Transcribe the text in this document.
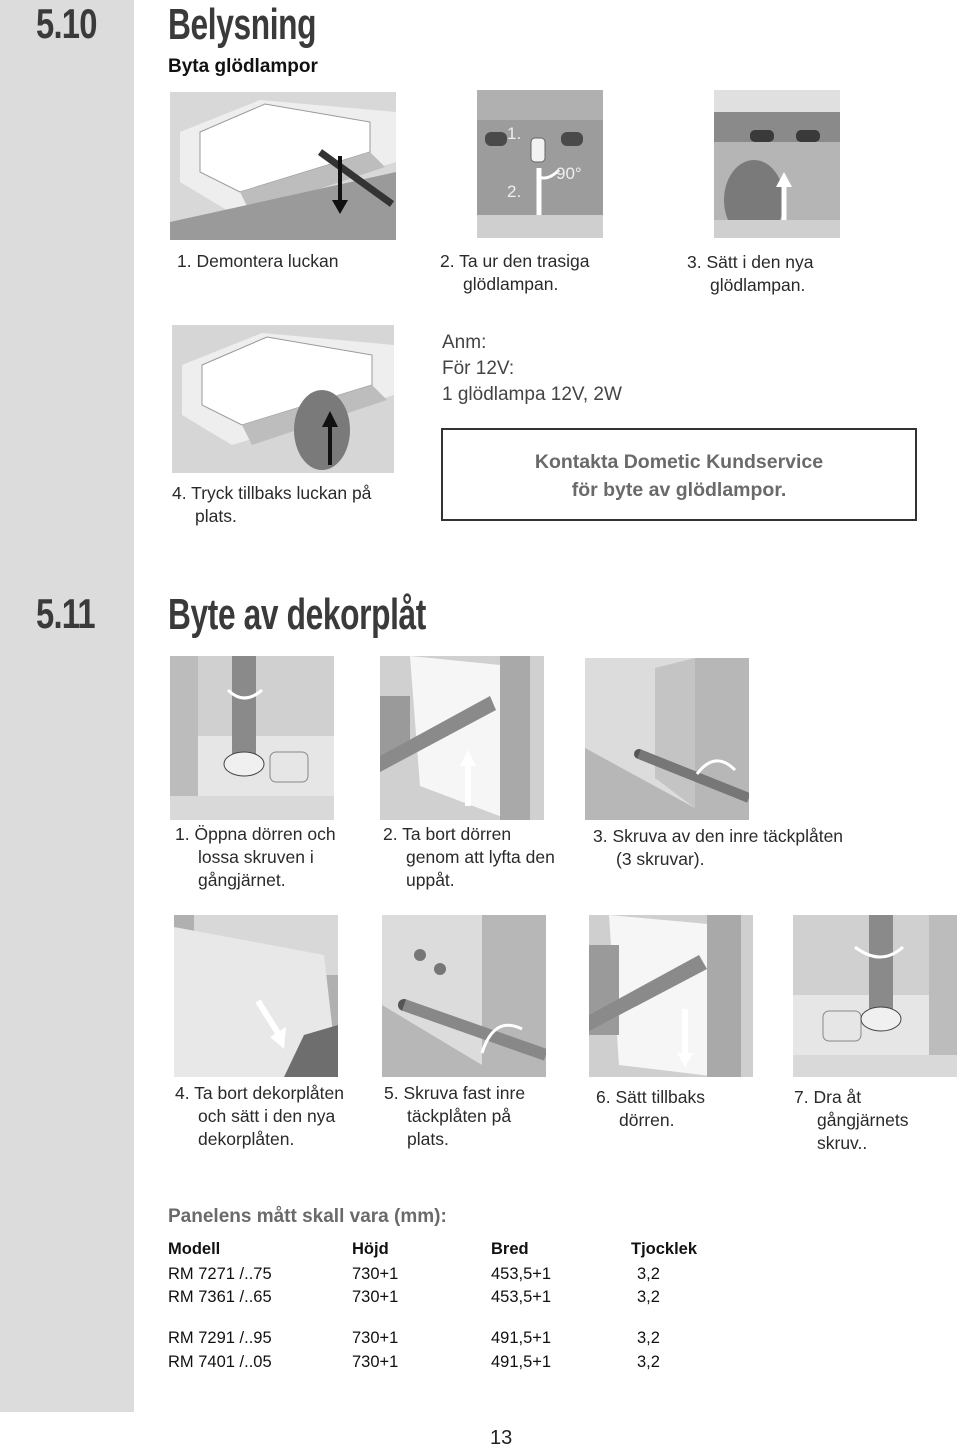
5.10 Belysning
Byta glödlampor
1.
2.
90°
1. Demontera luckan	2. Ta ur den trasiga
glödlampan.
3. Sätt i den nya
glödlampan.
4. Tryck tillbaks luckan på
plats.
Anm:
För 12V:
1 glödlampa 12V, 2W
Kontakta Dometic Kundservice
för byte av glödlampor.
5.11 Byte av dekorplåt
1. Öppna dörren och
lossa skruven i
gångjärnet.
2. Ta bort dörren
genom att lyfta den
uppåt.
3. Skruva av den inre täckplåten
(3 skruvar).
4. Ta bort dekorplåten
och sätt i den nya
dekorplåten.
5. Skruva fast inre
täckplåten på
plats.
6. Sätt tillbaks
dörren.
7. Dra åt
gångjärnets
skruv..
Panelens mått skall vara (mm):
Modell	Höjd	Bred	Tjocklek
RM 7271 /..75	730+1	453,5+1	3,2
RM 7361 /..65	730+1	453,5+1	3,2
RM 7291 /..95	730+1	491,5+1	3,2
RM 7401 /..05	730+1	491,5+1	3,2
13
